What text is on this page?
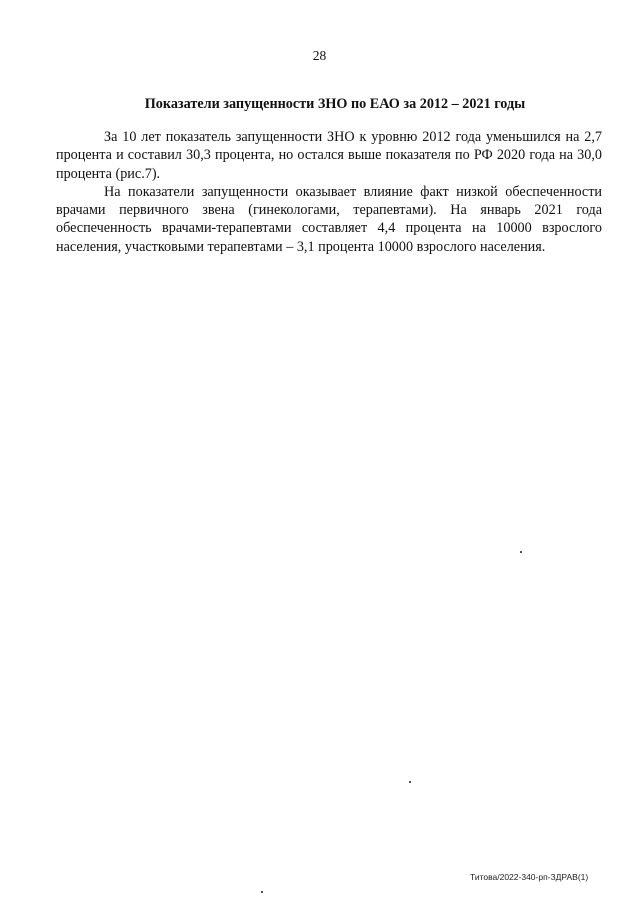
28
Показатели запущенности ЗНО по ЕАО за 2012 – 2021 годы

За 10 лет показатель запущенности ЗНО к уровню 2012 года уменьшился на 2,7 процента и составил 30,3 процента, но остался выше показателя по РФ 2020 года на 30,0 процента (рис.7).

На показатели запущенности оказывает влияние факт низкой обеспеченности врачами первичного звена (гинекологами, терапевтами). На январь 2021 года обеспеченность врачами-терапевтами составляет 4,4 процента на 10000 взрослого населения, участковыми терапевтами – 3,1 процента 10000 взрослого населения.

Титова/2022-340-рп-ЗДРАВ(1)
